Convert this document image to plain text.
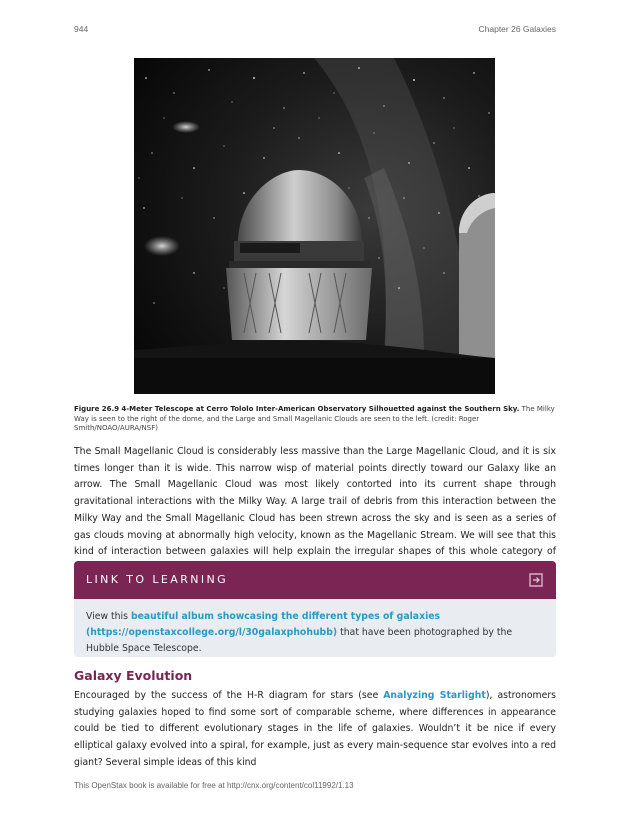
944	Chapter 26 Galaxies
Figure 26.9 4-Meter Telescope at Cerro Tololo Inter-American Observatory Silhouetted against the Southern Sky. The Milky Way is seen to the right of the dome, and the Large and Small Magellanic Clouds are seen to the left. (credit: Roger Smith/NOAO/AURA/NSF)

The Small Magellanic Cloud is considerably less massive than the Large Magellanic Cloud, and it is six times longer than it is wide. This narrow wisp of material points directly toward our Galaxy like an arrow. The Small Magellanic Cloud was most likely contorted into its current shape through gravitational interactions with the Milky Way. A large trail of debris from this interaction between the Milky Way and the Small Magellanic Cloud has been strewn across the sky and is seen as a series of gas clouds moving at abnormally high velocity, known as the Magellanic Stream. We will see that this kind of interaction between galaxies will help explain the irregular shapes of this whole category of

LINK TO LEARNING
View this beautiful album showcasing the different types of galaxies (https://openstaxcollege.org/l/30galaxphohubb) that have been photographed by the Hubble Space Telescope.
Galaxy Evolution

Encouraged by the success of the H-R diagram for stars (see Analyzing Starlight), astronomers studying galaxies hoped to find some sort of comparable scheme, where differences in appearance could be tied to different evolutionary stages in the life of galaxies. Wouldn’t it be nice if every elliptical galaxy evolved into a spiral, for example, just as every main-sequence star evolves into a red giant? Several simple ideas of this kind

This OpenStax book is available for free at http://cnx.org/content/col11992/1.13
